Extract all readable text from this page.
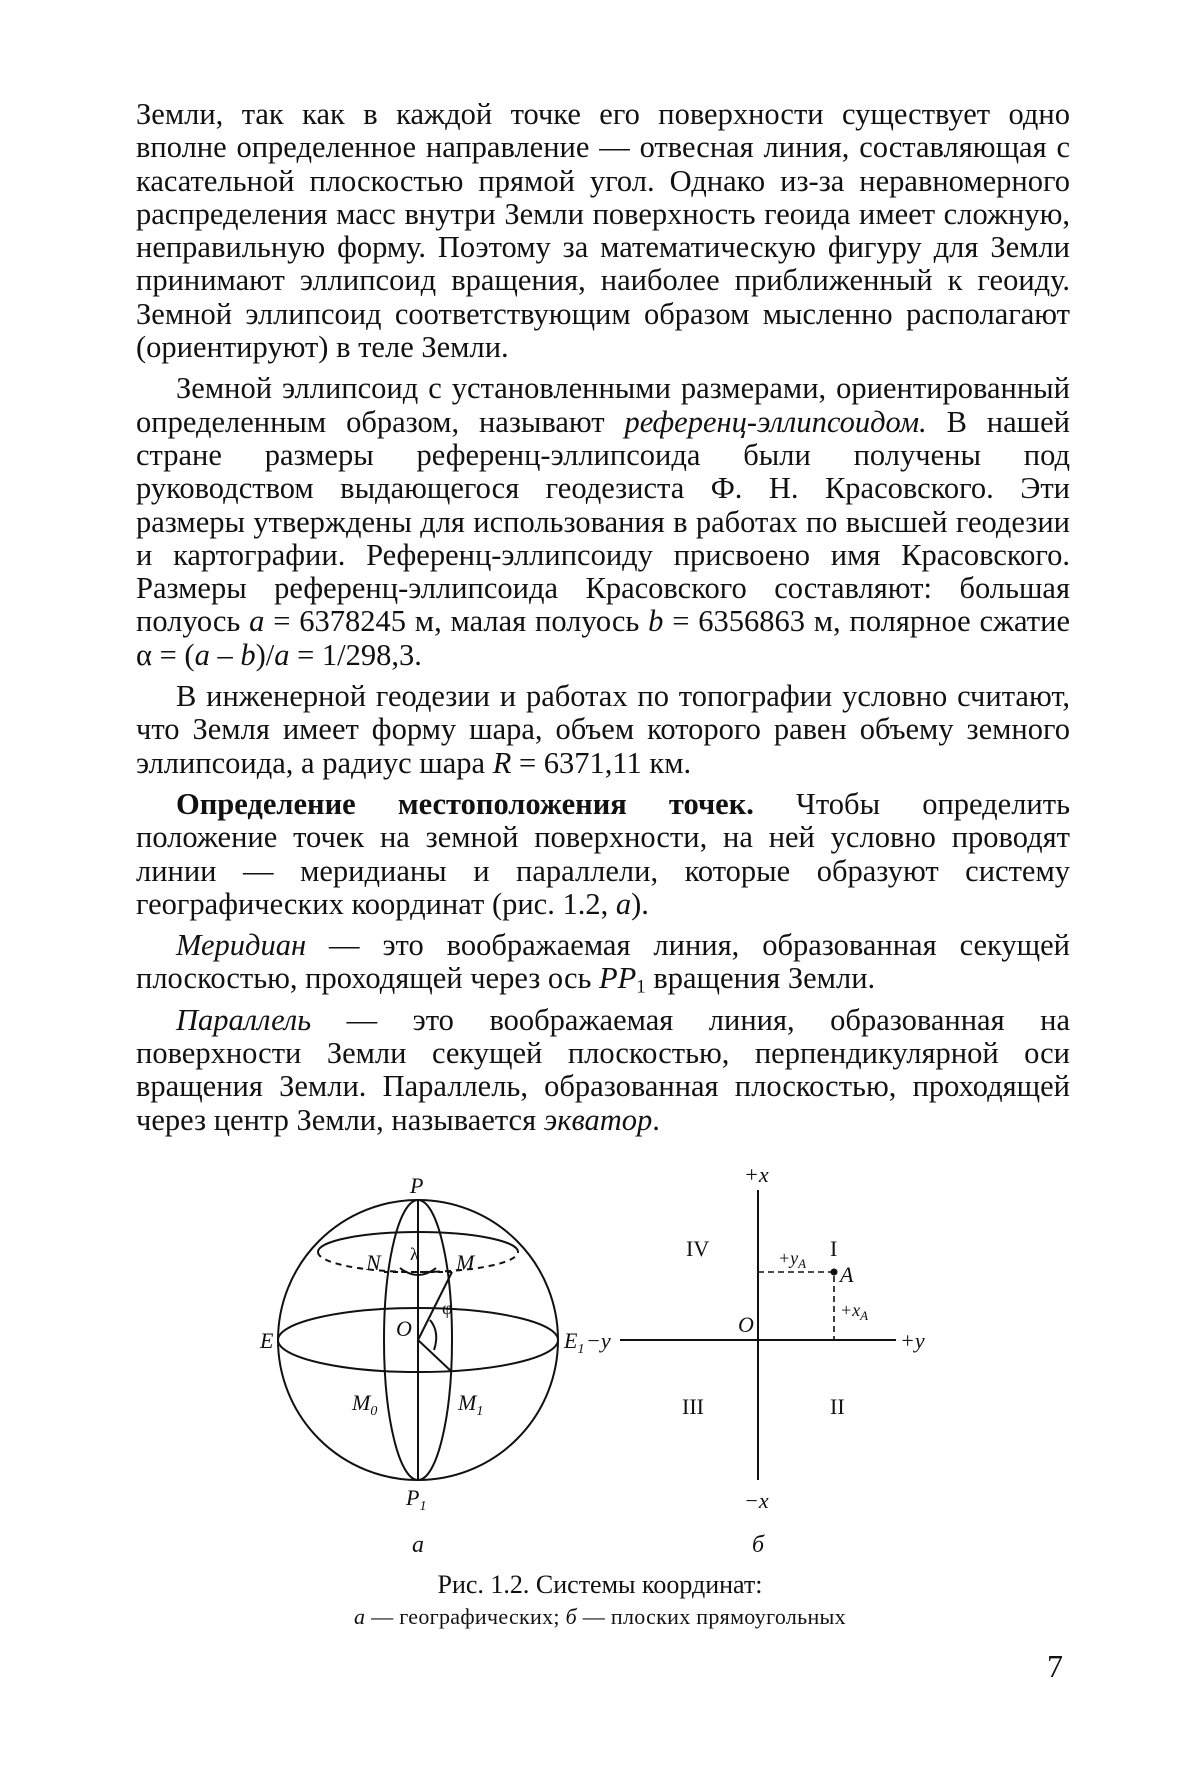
Земли, так как в каждой точке его поверхности существует одно вполне определенное направление — отвесная линия, составляющая с касательной плоскостью прямой угол. Однако из-за неравномерного распределения масс внутри Земли поверхность геоида имеет сложную, неправильную форму. Поэтому за математическую фигуру для Земли принимают эллипсоид вращения, наиболее приближенный к геоиду. Земной эллипсоид соответствующим образом мысленно располагают (ориентируют) в теле Земли.

Земной эллипсоид с установленными размерами, ориентированный определенным образом, называют референц-эллипсоидом. В нашей стране размеры референц-эллипсоида были получены под руководством выдающегося геодезиста Ф. Н. Красовского. Эти размеры утверждены для использования в работах по высшей геодезии и картографии. Референц-эллипсоиду присвоено имя Красовского. Размеры референц-эллипсоида Красовского составляют: большая полуось a = 6378245 м, малая полуось b = 6356863 м, полярное сжатие α = (a – b)/a = 1/298,3.

В инженерной геодезии и работах по топографии условно считают, что Земля имеет форму шара, объем которого равен объему земного эллипсоида, а радиус шара R = 6371,11 км.

Определение местоположения точек. Чтобы определить положение точек на земной поверхности, на ней условно проводят линии — меридианы и параллели, которые образуют систему географических координат (рис. 1.2, а).

Меридиан — это воображаемая линия, образованная секущей плоскостью, проходящей через ось $PP_1$ вращения Земли.

Параллель — это воображаемая линия, образованная на поверхности Земли секущей плоскостью, перпендикулярной оси вращения Земли. Параллель, образованная плоскостью, проходящей через центр Земли, называется экватор.

P
$P_1$
E	$E_1$
O
N	M
$M_0$	$M_1$
λ
φ
а
+x
−x
−y	+y
O
IV	I
III	II
A
$+y_A$
$+x_A$
б
Рис. 1.2. Системы координат:
а — географических; б — плоских прямоугольных
7
